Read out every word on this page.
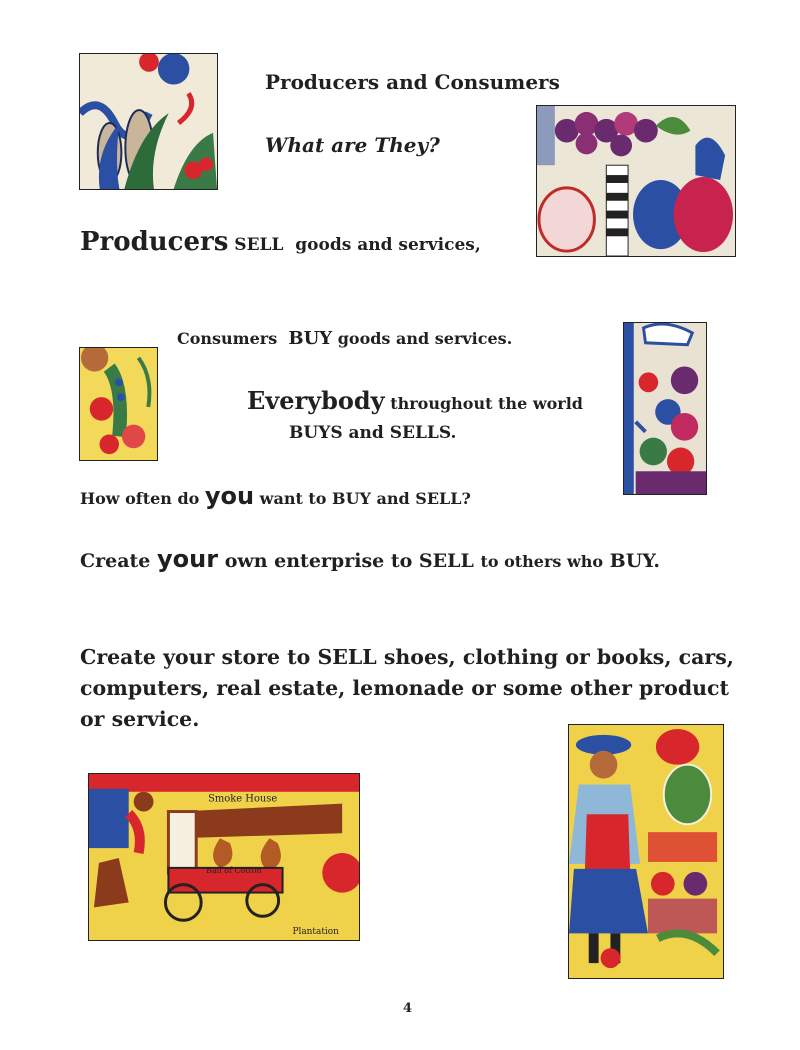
Producers and Consumers
What are They?
Producers SELL  goods and services,
Consumers  BUY goods and services.
Everybody throughout the world
BUYS and SELLS.
How often do you want to BUY and SELL?
Create your own enterprise to SELL to others who BUY.
Create your store to SELL shoes, clothing or books, cars, computers, real estate, lemonade or some other product or service.
Smoke House
Bail of Cotton
Plantation
4
